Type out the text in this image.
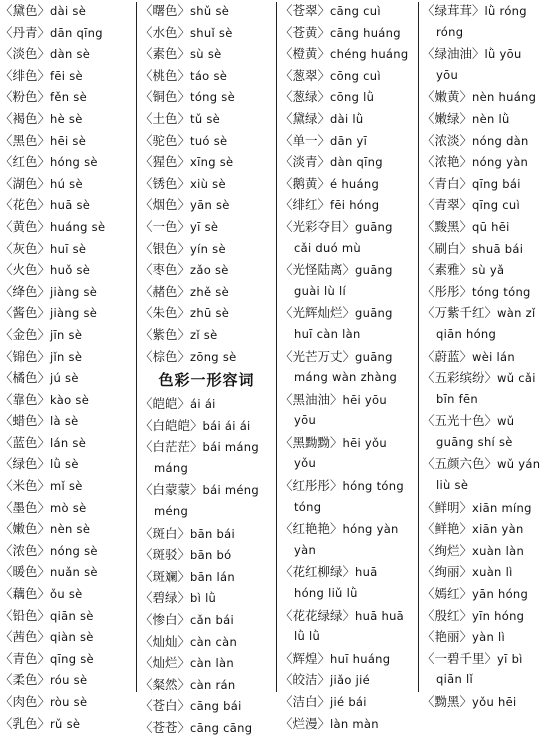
〈黛色〉dài sè
〈丹青〉dān qīng
〈淡色〉dàn sè
〈绯色〉fēi sè
〈粉色〉fěn sè
〈褐色〉hè sè
〈黑色〉hēi sè
〈红色〉hóng sè
〈湖色〉hú sè
〈花色〉huā sè
〈黄色〉huáng sè
〈灰色〉huī sè
〈火色〉huǒ sè
〈绛色〉jiàng sè
〈酱色〉jiàng sè
〈金色〉jīn sè
〈锦色〉jǐn sè
〈橘色〉jú sè
〈靠色〉kào sè
〈蜡色〉là sè
〈蓝色〉lán sè
〈绿色〉lǜ sè
〈米色〉mǐ sè
〈墨色〉mò sè
〈嫩色〉nèn sè
〈浓色〉nóng sè
〈暖色〉nuǎn sè
〈藕色〉ǒu sè
〈铅色〉qiān sè
〈茜色〉qiàn sè
〈青色〉qīng sè
〈柔色〉róu sè
〈肉色〉ròu sè
〈乳色〉rǔ sè
〈曙色〉shǔ sè
〈水色〉shuǐ sè
〈素色〉sù sè
〈桃色〉táo sè
〈铜色〉tóng sè
〈土色〉tǔ sè
〈驼色〉tuó sè
〈猩色〉xīng sè
〈锈色〉xiù sè
〈烟色〉yān sè
〈一色〉yī sè
〈银色〉yín sè
〈枣色〉zǎo sè
〈赭色〉zhě sè
〈朱色〉zhū sè
〈紫色〉zǐ sè
〈棕色〉zōng sè
色彩一形容词
〈皑皑〉ái ái
〈白皑皑〉bái ái ái
〈白茫茫〉bái máng
máng
〈白蒙蒙〉bái méng
méng
〈斑白〉bān bái
〈斑驳〉bān bó
〈斑斓〉bān lán
〈碧绿〉bì lǜ
〈惨白〉cǎn bái
〈灿灿〉càn càn
〈灿烂〉càn làn
〈粲然〉càn rán
〈苍白〉cāng bái
〈苍苍〉cāng cāng
〈苍翠〉cāng cuì
〈苍黄〉cāng huáng
〈橙黄〉chéng huáng
〈葱翠〉cōng cuì
〈葱绿〉cōng lǜ
〈黛绿〉dài lǜ
〈单一〉dān yī
〈淡青〉dàn qīng
〈鹅黄〉é huáng
〈绯红〉fēi hóng
〈光彩夺目〉guāng
cǎi duó mù
〈光怪陆离〉guāng
guài lù lí
〈光辉灿烂〉guāng
huī càn làn
〈光芒万丈〉guāng
máng wàn zhàng
〈黑油油〉hēi yōu
yōu
〈黑黝黝〉hēi yǒu
yǒu
〈红彤彤〉hóng tóng
tóng
〈红艳艳〉hóng yàn
yàn
〈花红柳绿〉huā
hóng liǔ lǜ
〈花花绿绿〉huā huā
lǜ lǜ
〈辉煌〉huī huáng
〈皎洁〉jiǎo jié
〈洁白〉jié bái
〈烂漫〉làn màn
〈绿茸茸〉lǜ róng
róng
〈绿油油〉lǜ yōu
yōu
〈嫩黄〉nèn huáng
〈嫩绿〉nèn lǜ
〈浓淡〉nóng dàn
〈浓艳〉nóng yàn
〈青白〉qīng bái
〈青翠〉qīng cuì
〈黢黑〉qū hēi
〈刷白〉shuā bái
〈素雅〉sù yǎ
〈彤彤〉tóng tóng
〈万紫千红〉wàn zǐ
qiān hóng
〈蔚蓝〉wèi lán
〈五彩缤纷〉wǔ cǎi
bīn fēn
〈五光十色〉wǔ
guāng shí sè
〈五颜六色〉wǔ yán
liù sè
〈鲜明〉xiān míng
〈鲜艳〉xiān yàn
〈绚烂〉xuàn làn
〈绚丽〉xuàn lì
〈嫣红〉yān hóng
〈殷红〉yīn hóng
〈艳丽〉yàn lì
〈一碧千里〉yī bì
qiān lǐ
〈黝黑〉yǒu hēi
